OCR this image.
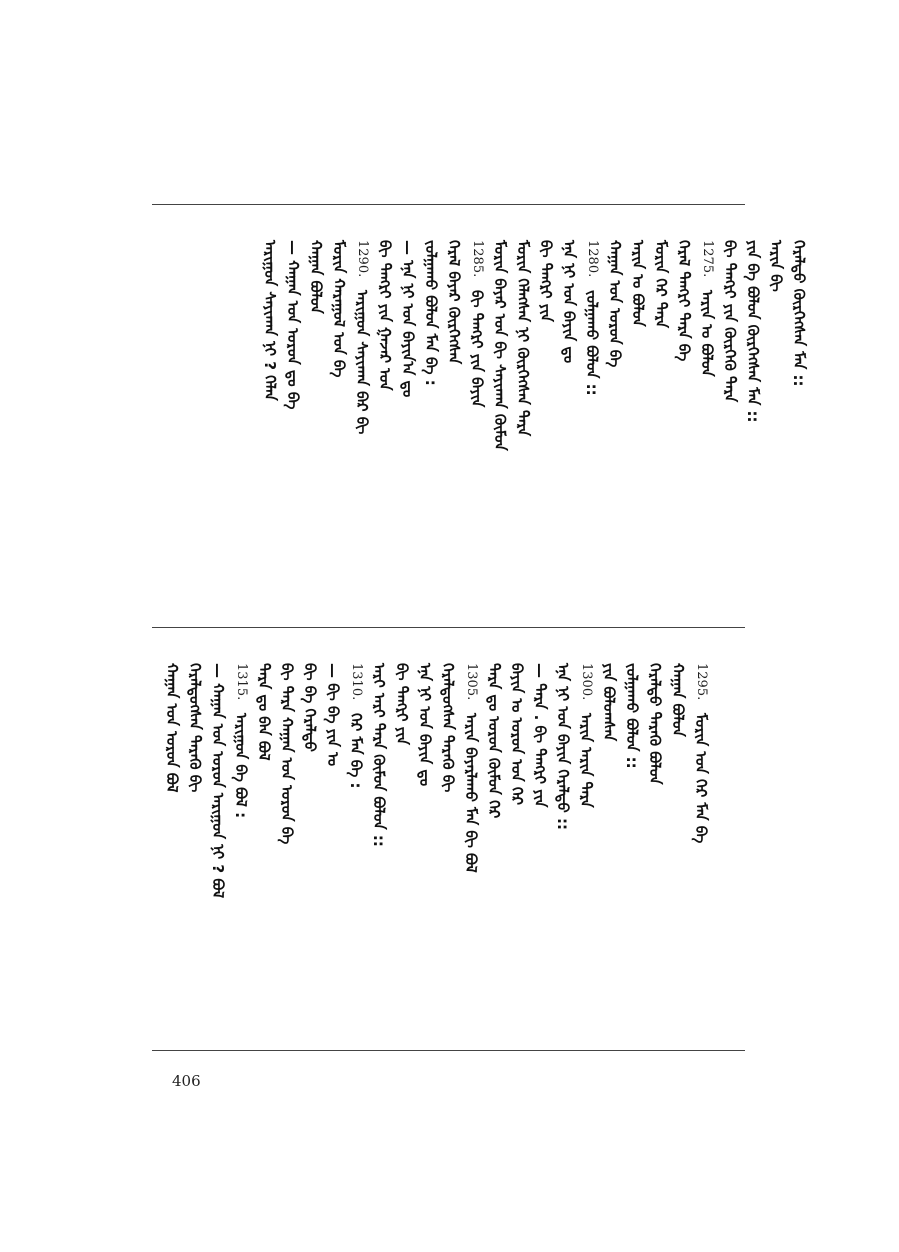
ᠠᠷᠢᠭᠤᠨ ᠰᠠᠶᠢᠬᠠᠨ ᠨᠢ ? ᠬᠡᠯᠡᠨ — ᠬᠠᠭᠠᠨ ᠤᠨ ᠣᠷᠣᠨ ᠳᠤ ᠪᠠ ᠬᠠᠭᠠᠨ ᠪᠣᠯᠤᠨ ᠮᠣᠷᠢᠨ ᠬᠠᠷᠠᠭᠤᠯ ᠤᠨ ᠪᠠ 1290.
ᠠᠷᠢᠭᠤᠨ ᠰᠠᠶᠢᠬᠠᠨ ᠪᠡᠷ ᠪᠢ ᠪᠢ ᠲᠡᠩᠷᠢ ᠶᠢᠨ ᠭᠠᠵᠠᠷ ᠤᠨ — ᠡᠨᠡ ᠨᠢ ᠤᠨ ᠪᠠᠶᠢᠨ᠎ᠠ ᠳᠤ ᠵᠣᠯᠭᠠᠬᠤ ᠪᠣᠯᠤᠨ ᠮᠠᠨ ᠪᠠ : ᠭᠡᠷᠡᠯ ᠪᠠᠶᠠᠷ ᠬᠦᠷᠭᠡᠭᠰᠡᠨ 1285.
ᠪᠢ ᠲᠡᠩᠷᠢ ᠶᠢᠨ ᠪᠠᠶᠢᠨ ᠮᠣᠷᠢᠨ ᠪᠠᠶᠠᠷ ᠤᠨ ᠪᠢ ᠰᠠᠶᠢᠬᠠᠨ ᠬᠦᠮᠦᠨ ᠮᠣᠷᠢᠨ ᠬᠡᠯᠡᠭᠰᠡᠨ ᠨᠢ ᠬᠦᠷᠭᠡᠭᠰᠡᠨ ᠲᠡᠷᠡ ᠪᠢ ᠲᠡᠩᠷᠢ ᠶᠢᠨ ᠡᠨᠡ ᠨᠢ ᠤᠨ ᠪᠠᠶᠢᠨ ᠳᠤ 1280.
ᠵᠣᠯᠭᠠᠬᠤ ᠪᠣᠯᠤᠨ :: ᠬᠠᠭᠠᠨ ᠤᠨ ᠣᠷᠣᠨ ᠪᠠ ᠠᠷᠢᠨ ᠤ ᠪᠣᠯᠤᠨ ᠮᠣᠷᠢᠨ ᠭᠡᠷ ᠲᠡᠷᠡ ᠭᠡᠷᠡᠯ ᠲᠡᠩᠷᠢ ᠲᠡᠷᠡ ᠪᠠ 1275.
ᠠᠷᠢᠨ ᠤ ᠪᠣᠯᠤᠨ ᠪᠢ ᠲᠡᠩᠷᠢ ᠶᠢᠨ ᠬᠦᠷᠭᠡᠬᠦ ᠲᠡᠷᠡ ᠶᠢᠨ ᠪᠠ ᠪᠣᠯᠤᠨ ᠬᠦᠷᠭᠡᠭᠰᠡᠨ ᠮᠠᠨ :: ᠠᠷᠢᠨ ᠪᠢ ᠭᠡᠷᠡᠯᠲᠦ ᠬᠦᠷᠭᠡᠭᠰᠡᠨ ᠮᠠᠨ ::
ᠬᠠᠭᠠᠨ ᠤᠨ ᠣᠷᠣᠨ ᠪᠣᠯ ᠭᠡᠷᠡᠯᠲᠦᠭᠰᠡᠨ ᠲᠡᠷᠡᠬᠦ ᠪᠢ — ᠬᠠᠭᠠᠨ ᠤᠨ ᠣᠷᠣᠨ ᠠᠷᠢᠭᠤᠨ ᠨᠢ ? ᠪᠣᠯ 1315.
ᠠᠷᠢᠭᠤᠨ ᠪᠠ ᠪᠣᠯ :
ᠲᠡᠷᠡ ᠳᠤ ᠪᠠᠨ ᠪᠣᠯ ᠪᠢ ᠲᠡᠷᠡ ᠬᠠᠭᠠᠨ ᠤᠨ ᠣᠷᠣᠨ ᠪᠠ ᠪᠢ ᠪᠠ ᠭᠡᠷᠡᠯᠲᠦ — ᠪᠢ ᠪᠠ ᠶᠢᠨ ᠤ 1310.
ᠭᠡᠷ ᠮᠠᠨ ᠪᠠ : ᠠᠷᠢ ᠠᠷᠢ ᠲᠡᠷᠡ ᠬᠦᠮᠦᠨ ᠪᠣᠯᠤᠨ :: ᠪᠢ ᠲᠡᠩᠷᠢ ᠶᠢᠨ ᠡᠨᠡ ᠨᠢ ᠤᠨ ᠪᠠᠶᠢᠨ ᠳᠤ ᠭᠡᠷᠡᠯᠲᠦᠭᠰᠡᠨ ᠲᠡᠷᠡᠬᠦ ᠪᠢ 1305.
ᠠᠷᠢᠨ ᠪᠠᠶᠠᠷᠯᠠᠬᠤ ᠮᠠᠨ ᠪᠢ ᠪᠣᠯ ᠲᠡᠷᠡ ᠳᠤ ᠣᠷᠣᠨ ᠬᠦᠮᠦᠨ ᠭᠡᠷ ᠪᠠᠶᠢᠨ ᠤ ᠣᠷᠣᠨ ᠤᠨ ᠭᠡᠷ — ᠲᠡᠷᠡ . ᠪᠢ ᠲᠡᠩᠷᠢ ᠶᠢᠨ ᠡᠨᠡ ᠨᠢ ᠤᠨ ᠪᠠᠶᠢᠨ ᠭᠡᠷᠡᠯᠲᠦ :: 1300.
ᠠᠷᠢᠨ ᠠᠷᠢᠨ ᠲᠡᠷᠡ
ᠶᠢᠨ ᠪᠣᠯᠤᠭᠰᠠᠨ ᠵᠣᠯᠭᠠᠬᠤ ᠪᠣᠯᠤᠨ :: ᠭᠡᠷᠡᠯᠲᠦ ᠲᠡᠷᠡᠬᠦ ᠪᠣᠯᠤᠨ ᠬᠠᠭᠠᠨ ᠪᠣᠯᠤᠨ 1295.
ᠮᠣᠷᠢᠨ ᠤᠨ ᠭᠡᠷ ᠮᠠᠨ ᠪᠠ
406
